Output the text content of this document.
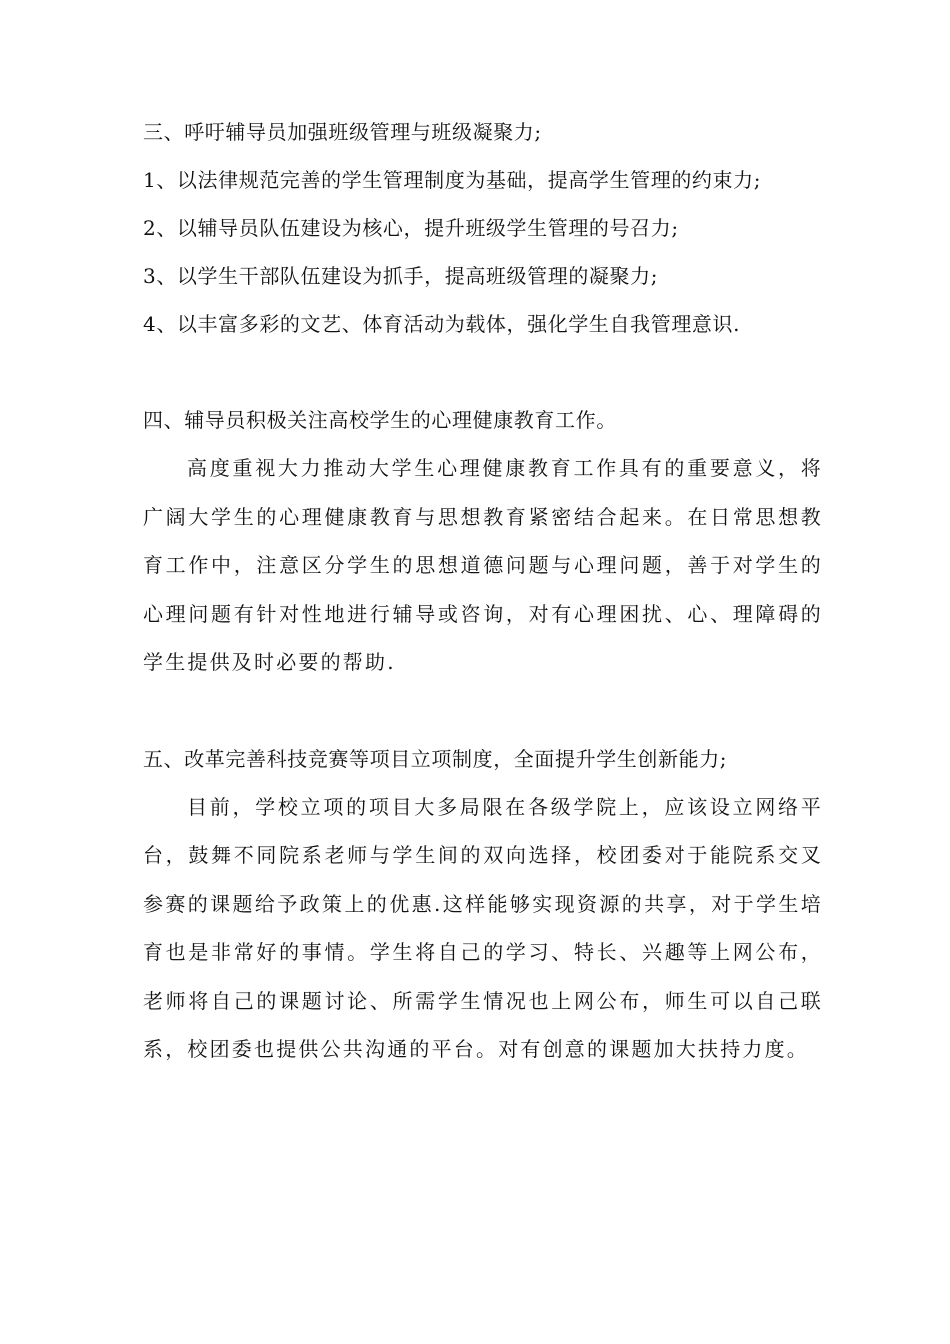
三、呼吁辅导员加强班级管理与班级凝聚力;

1、以法律规范完善的学生管理制度为基础，提高学生管理的约束力;

2、以辅导员队伍建设为核心，提升班级学生管理的号召力;

3、以学生干部队伍建设为抓手，提高班级管理的凝聚力;

4、以丰富多彩的文艺、体育活动为载体，强化学生自我管理意识.

四、辅导员积极关注高校学生的心理健康教育工作。

高度重视大力推动大学生心理健康教育工作具有的重要意义，将广阔大学生的心理健康教育与思想教育紧密结合起来。在日常思想教育工作中，注意区分学生的思想道德问题与心理问题，善于对学生的心理问题有针对性地进行辅导或咨询，对有心理困扰、心、理障碍的学生提供及时必要的帮助.

五、改革完善科技竞赛等项目立项制度，全面提升学生创新能力;

目前，学校立项的项目大多局限在各级学院上，应该设立网络平台，鼓舞不同院系老师与学生间的双向选择，校团委对于能院系交叉参赛的课题给予政策上的优惠.这样能够实现资源的共享，对于学生培育也是非常好的事情。学生将自己的学习、特长、兴趣等上网公布，老师将自己的课题讨论、所需学生情况也上网公布，师生可以自己联系，校团委也提供公共沟通的平台。对有创意的课题加大扶持力度。
